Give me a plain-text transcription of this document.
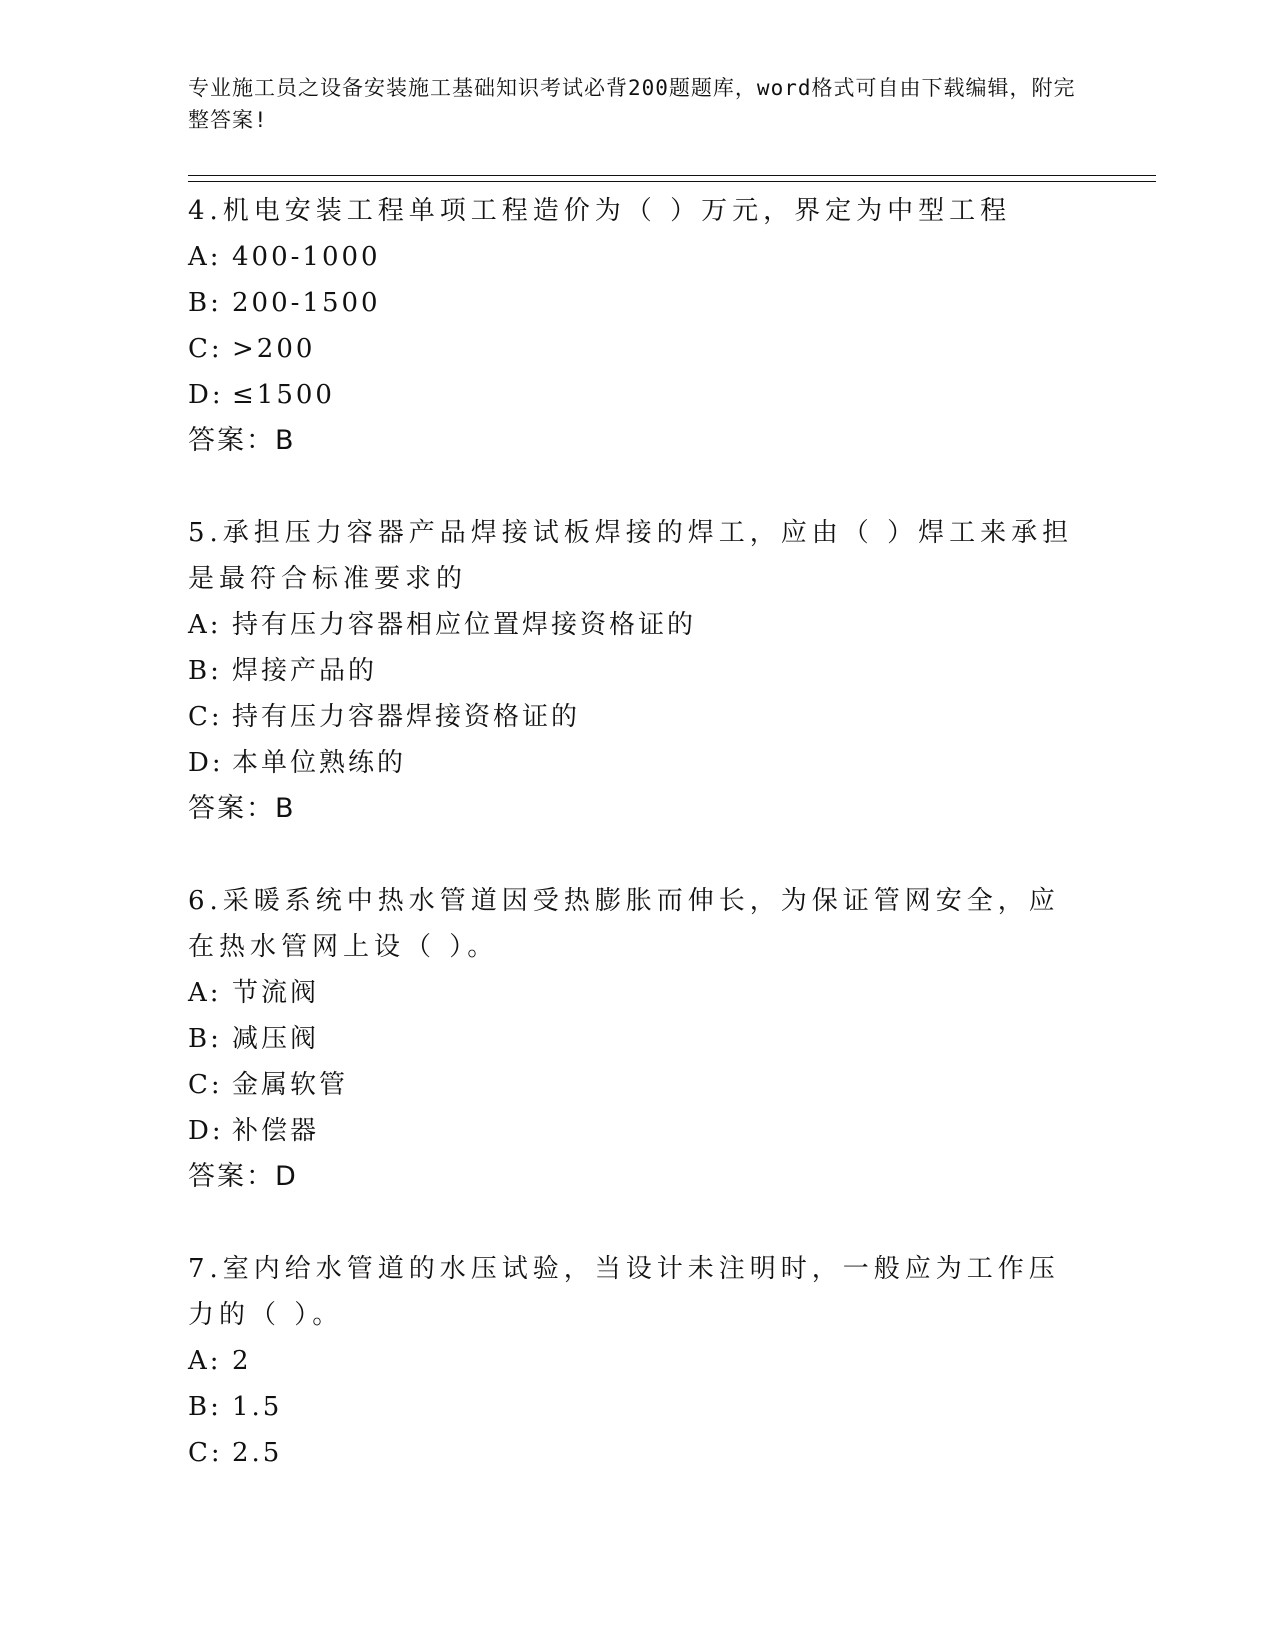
专业施工员之设备安装施工基础知识考试必背200题题库，word格式可自由下载编辑，附完整答案!

4.机电安装工程单项工程造价为（ ）万元，界定为中型工程

A: 400-1000
B: 200-1500
C: >200
D: ≤1500
答案：B

5.承担压力容器产品焊接试板焊接的焊工，应由（ ）焊工来承担是最符合标准要求的

A: 持有压力容器相应位置焊接资格证的
B: 焊接产品的
C: 持有压力容器焊接资格证的
D: 本单位熟练的
答案：B

6.采暖系统中热水管道因受热膨胀而伸长，为保证管网安全，应在热水管网上设（ ）。

A: 节流阀
B: 减压阀
C: 金属软管
D: 补偿器
答案：D

7.室内给水管道的水压试验，当设计未注明时，一般应为工作压力的（ ）。

A: 2
B: 1.5
C: 2.5
